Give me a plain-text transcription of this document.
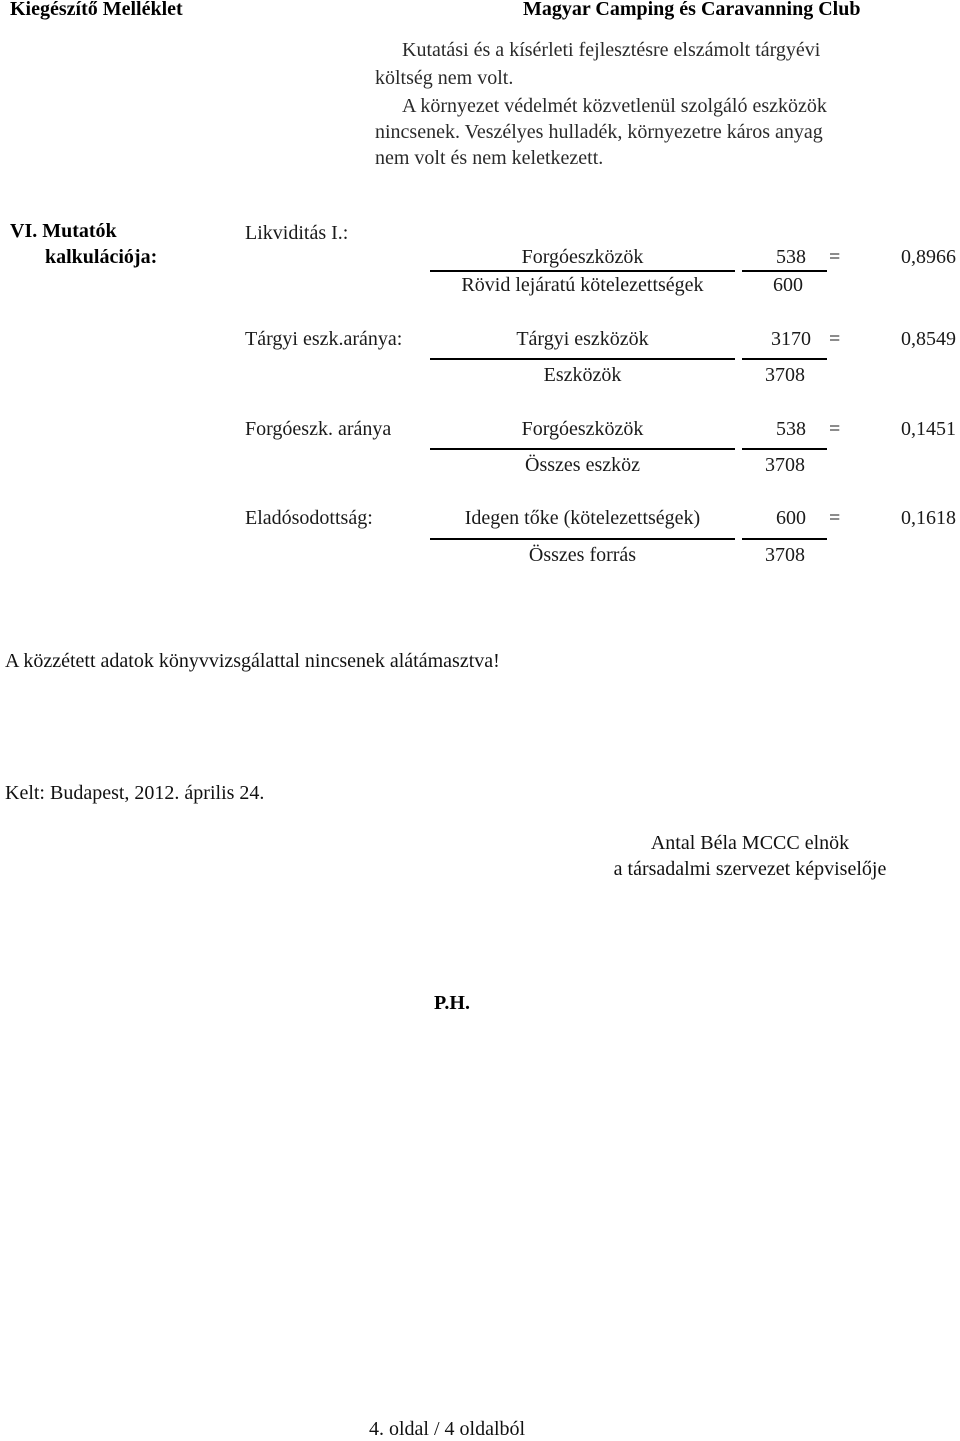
Kiegészítő Melléklet	Magyar Camping és Caravanning Club
Kutatási és a kísérleti fejlesztésre elszámolt tárgyévi
költség nem volt.
A környezet védelmét közvetlenül szolgáló eszközök
nincsenek. Veszélyes hulladék, környezetre káros anyag
nem volt és nem keletkezett.
VI. Mutatók
kalkulációja:
Likviditás I.:
Forgóeszközök	538 =	0,8966
Rövid lejáratú kötelezettségek	600
Tárgyi eszk.aránya:	Tárgyi eszközök	3170 =	0,8549
Eszközök	3708
Forgóeszk. aránya	Forgóeszközök	538 =	0,1451
Összes eszköz	3708
Eladósodottság:	Idegen tőke (kötelezettségek)	600 =	0,1618
Összes forrás	3708
A közzétett adatok könyvvizsgálattal nincsenek alátámasztva!
Kelt: Budapest, 2012. április 24.
Antal Béla MCCC elnök
a társadalmi szervezet képviselője
P.H.
4. oldal / 4 oldalból
